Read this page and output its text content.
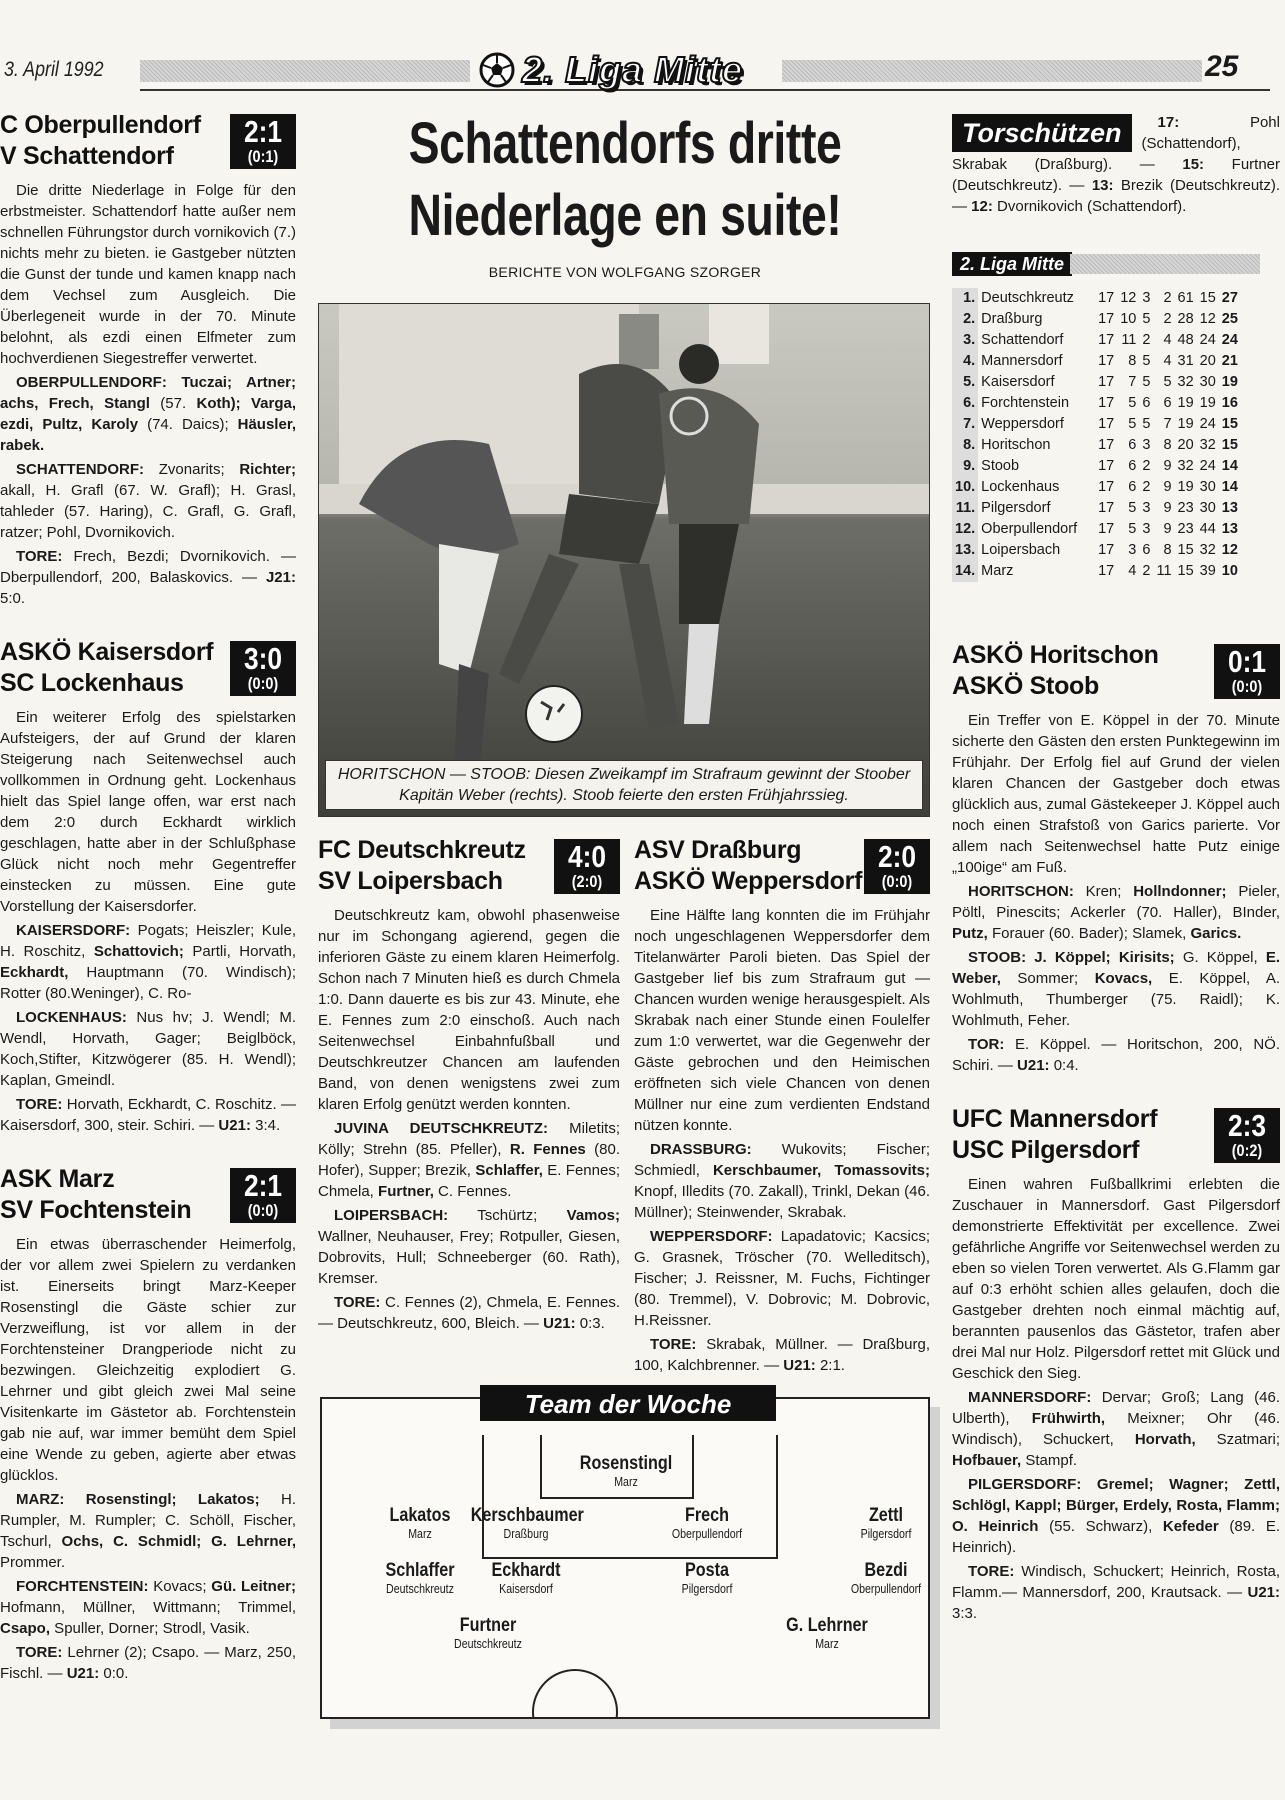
3. April 1992	2. Liga Mitte	25
C Oberpullendorf
V Schattendorf
2:1
(0:1)

Die dritte Niederlage in Folge für den erbstmeister. Schattendorf hatte außer nem schnellen Führungstor durch vornikovich (7.) nichts mehr zu bieten. ie Gastgeber nützten die Gunst der tunde und kamen knapp nach dem Vechsel zum Ausgleich. Die Überlegeneit wurde in der 70. Minute belohnt, als ezdi einen Elfmeter zum hochverdienen Siegestreffer verwertet.

OBERPULLENDORF: Tuczai; Artner; achs, Frech, Stangl (57. Koth); Varga, ezdi, Pultz, Karoly (74. Daics); Häusler, rabek.

SCHATTENDORF: Zvonarits; Richter; akall, H. Grafl (67. W. Grafl); H. Grasl, tahleder (57. Haring), C. Grafl, G. Grafl, ratzer; Pohl, Dvornikovich.

TORE: Frech, Bezdi; Dvornikovich. — Dberpullendorf, 200, Balaskovics. — J21: 5:0.

ASKÖ Kaisersdorf
SC Lockenhaus
3:0
(0:0)

Ein weiterer Erfolg des spielstarken Aufsteigers, der auf Grund der klaren Steigerung nach Seitenwechsel auch vollkommen in Ordnung geht. Lockenhaus hielt das Spiel lange offen, war erst nach dem 2:0 durch Eckhardt wirklich geschlagen, hatte aber in der Schlußphase Glück nicht noch mehr Gegentreffer einstecken zu müssen. Eine gute Vorstellung der Kaisersdorfer.

KAISERSDORF: Pogats; Heiszler; Kule, H. Roschitz, Schattovich; Partli, Horvath, Eckhardt, Hauptmann (70. Windisch); Rotter (80.Weninger), C. Ro-

LOCKENHAUS: Nus hv; J. Wendl; M. Wendl, Horvath, Gager; Beiglböck, Koch,Stifter, Kitzwögerer (85. H. Wendl); Kaplan, Gmeindl.

TORE: Horvath, Eckhardt, C. Roschitz. — Kaisersdorf, 300, steir. Schiri. — U21: 3:4.

ASK Marz
SV Fochtenstein
2:1
(0:0)

Ein etwas überraschender Heimerfolg, der vor allem zwei Spielern zu verdanken ist. Einerseits bringt Marz-Keeper Rosenstingl die Gäste schier zur Verzweiflung, ist vor allem in der Forchtensteiner Drangperiode nicht zu bezwingen. Gleichzeitig explodiert G. Lehrner und gibt gleich zwei Mal seine Visitenkarte im Gästetor ab. Forchtenstein gab nie auf, war immer bemüht dem Spiel eine Wende zu geben, agierte aber etwas glücklos.

MARZ: Rosenstingl; Lakatos; H. Rumpler, M. Rumpler; C. Schöll, Fischer, Tschurl, Ochs, C. Schmidl; G. Lehrner, Prommer.

FORCHTENSTEIN: Kovacs; Gü. Leitner; Hofmann, Müllner, Wittmann; Trimmel, Csapo, Spuller, Dorner; Strodl, Vasik.

TORE: Lehrner (2); Csapo. — Marz, 250, Fischl. — U21: 0:0.

Schattendorfs dritte
Niederlage en suite!
BERICHTE VON WOLFGANG SZORGER
HORITSCHON — STOOB: Diesen Zweikampf im Strafraum gewinnt der Stoober Kapitän Weber (rechts). Stoob feierte den ersten Frühjahrssieg.
FC Deutschkreutz
SV Loipersbach
4:0
(2:0)

Deutschkreutz kam, obwohl phasenweise nur im Schongang agierend, gegen die inferioren Gäste zu einem klaren Heimerfolg. Schon nach 7 Minuten hieß es durch Chmela 1:0. Dann dauerte es bis zur 43. Minute, ehe E. Fennes zum 2:0 einschoß. Auch nach Seitenwechsel Einbahnfußball und Deutschkreutzer Chancen am laufenden Band, von denen wenigstens zwei zum klaren Erfolg genützt werden konnten.

JUVINA DEUTSCHKREUTZ: Miletits; Kölly; Strehn (85. Pfeller), R. Fennes (80. Hofer), Supper; Brezik, Schlaffer, E. Fennes; Chmela, Furtner, C. Fennes.

LOIPERSBACH: Tschürtz; Vamos; Wallner, Neuhauser, Frey; Rotpuller, Giesen, Dobrovits, Hull; Schneeberger (60. Rath), Kremser.

TORE: C. Fennes (2), Chmela, E. Fennes. — Deutschkreutz, 600, Bleich. — U21: 0:3.

ASV Draßburg
ASKÖ Weppersdorf
2:0
(0:0)

Eine Hälfte lang konnten die im Frühjahr noch ungeschlagenen Weppersdorfer dem Titelanwärter Paroli bieten. Das Spiel der Gastgeber lief bis zum Strafraum gut — Chancen wurden wenige herausgespielt. Als Skrabak nach einer Stunde einen Foulelfer zum 1:0 verwertet, war die Gegenwehr der Gäste gebrochen und den Heimischen eröffneten sich viele Chancen von denen Müllner nur eine zum verdienten Endstand nützen konnte.

DRASSBURG: Wukovits; Fischer; Schmiedl, Kerschbaumer, Tomassovits; Knopf, Illedits (70. Zakall), Trinkl, Dekan (46. Müllner); Steinwender, Skrabak.

WEPPERSDORF: Lapadatovic; Kacsics; G. Grasnek, Tröscher (70. Welleditsch), Fischer; J. Reissner, M. Fuchs, Fichtinger (80. Tremmel), V. Dobrovic; M. Dobrovic, H.Reissner.

TORE: Skrabak, Müllner. — Draßburg, 100, Kalchbrenner. — U21: 2:1.

Team der Woche
Rosenstingl
Marz
Lakatos
Marz
Kerschbaumer
Draßburg
Frech
Oberpullendorf
Zettl
Pilgersdorf
Schlaffer
Deutschkreutz
Eckhardt
Kaisersdorf
Posta
Pilgersdorf
Bezdi
Oberpullendorf
Furtner
Deutschkreutz
G. Lehrner
Marz
Torschützen	17: Pohl (Schattendorf), Skrabak (Draßburg). — 15: Furtner (Deutschkreutz). — 13: Brezik (Deutschkreutz). — 12: Dvornikovich (Schattendorf).

2. Liga Mitte
1.	Deutschkreutz	17	12	3	2	61	15	27
2.	Draßburg	17	10	5	2	28	12	25
3.	Schattendorf	17	11	2	4	48	24	24
4.	Mannersdorf	17	8	5	4	31	20	21
5.	Kaisersdorf	17	7	5	5	32	30	19
6.	Forchtenstein	17	5	6	6	19	19	16
7.	Weppersdorf	17	5	5	7	19	24	15
8.	Horitschon	17	6	3	8	20	32	15
9.	Stoob	17	6	2	9	32	24	14
10.	Lockenhaus	17	6	2	9	19	30	14
11.	Pilgersdorf	17	5	3	9	23	30	13
12.	Oberpullendorf	17	5	3	9	23	44	13
13.	Loipersbach	17	3	6	8	15	32	12
14.	Marz	17	4	2	11	15	39	10
ASKÖ Horitschon
ASKÖ Stoob
0:1
(0:0)

Ein Treffer von E. Köppel in der 70. Minute sicherte den Gästen den ersten Punktegewinn im Frühjahr. Der Erfolg fiel auf Grund der vielen klaren Chancen der Gastgeber doch etwas glücklich aus, zumal Gästekeeper J. Köppel auch noch einen Strafstoß von Garics parierte. Vor allem nach Seitenwechsel hatte Putz einige „100ige“ am Fuß.

HORITSCHON: Kren; Hollndonner; Pieler, Pöltl, Pinescits; Ackerler (70. Haller), BInder, Putz, Forauer (60. Bader); Slamek, Garics.

STOOB: J. Köppel; Kirisits; G. Köppel, E. Weber, Sommer; Kovacs, E. Köppel, A. Wohlmuth, Thumberger (75. Raidl); K. Wohlmuth, Feher.

TOR: E. Köppel. — Horitschon, 200, NÖ. Schiri. — U21: 0:4.

UFC Mannersdorf
USC Pilgersdorf
2:3
(0:2)

Einen wahren Fußballkrimi erlebten die Zuschauer in Mannersdorf. Gast Pilgersdorf demonstrierte Effektivität per excellence. Zwei gefährliche Angriffe vor Seitenwechsel werden zu eben so vielen Toren verwertet. Als G.Flamm gar auf 0:3 erhöht schien alles gelaufen, doch die Gastgeber drehten noch einmal mächtig auf, berannten pausenlos das Gästetor, trafen aber drei Mal nur Holz. Pilgersdorf rettet mit Glück und Geschick den Sieg.

MANNERSDORF: Dervar; Groß; Lang (46. Ulberth), Frühwirth, Meixner; Ohr (46. Windisch), Schuckert, Horvath, Szatmari; Hofbauer, Stampf.

PILGERSDORF: Gremel; Wagner; Zettl, Schlögl, Kappl; Bürger, Erdely, Rosta, Flamm; O. Heinrich (55. Schwarz), Kefeder (89. E. Heinrich).

TORE: Windisch, Schuckert; Heinrich, Rosta, Flamm.— Mannersdorf, 200, Krautsack. — U21: 3:3.
